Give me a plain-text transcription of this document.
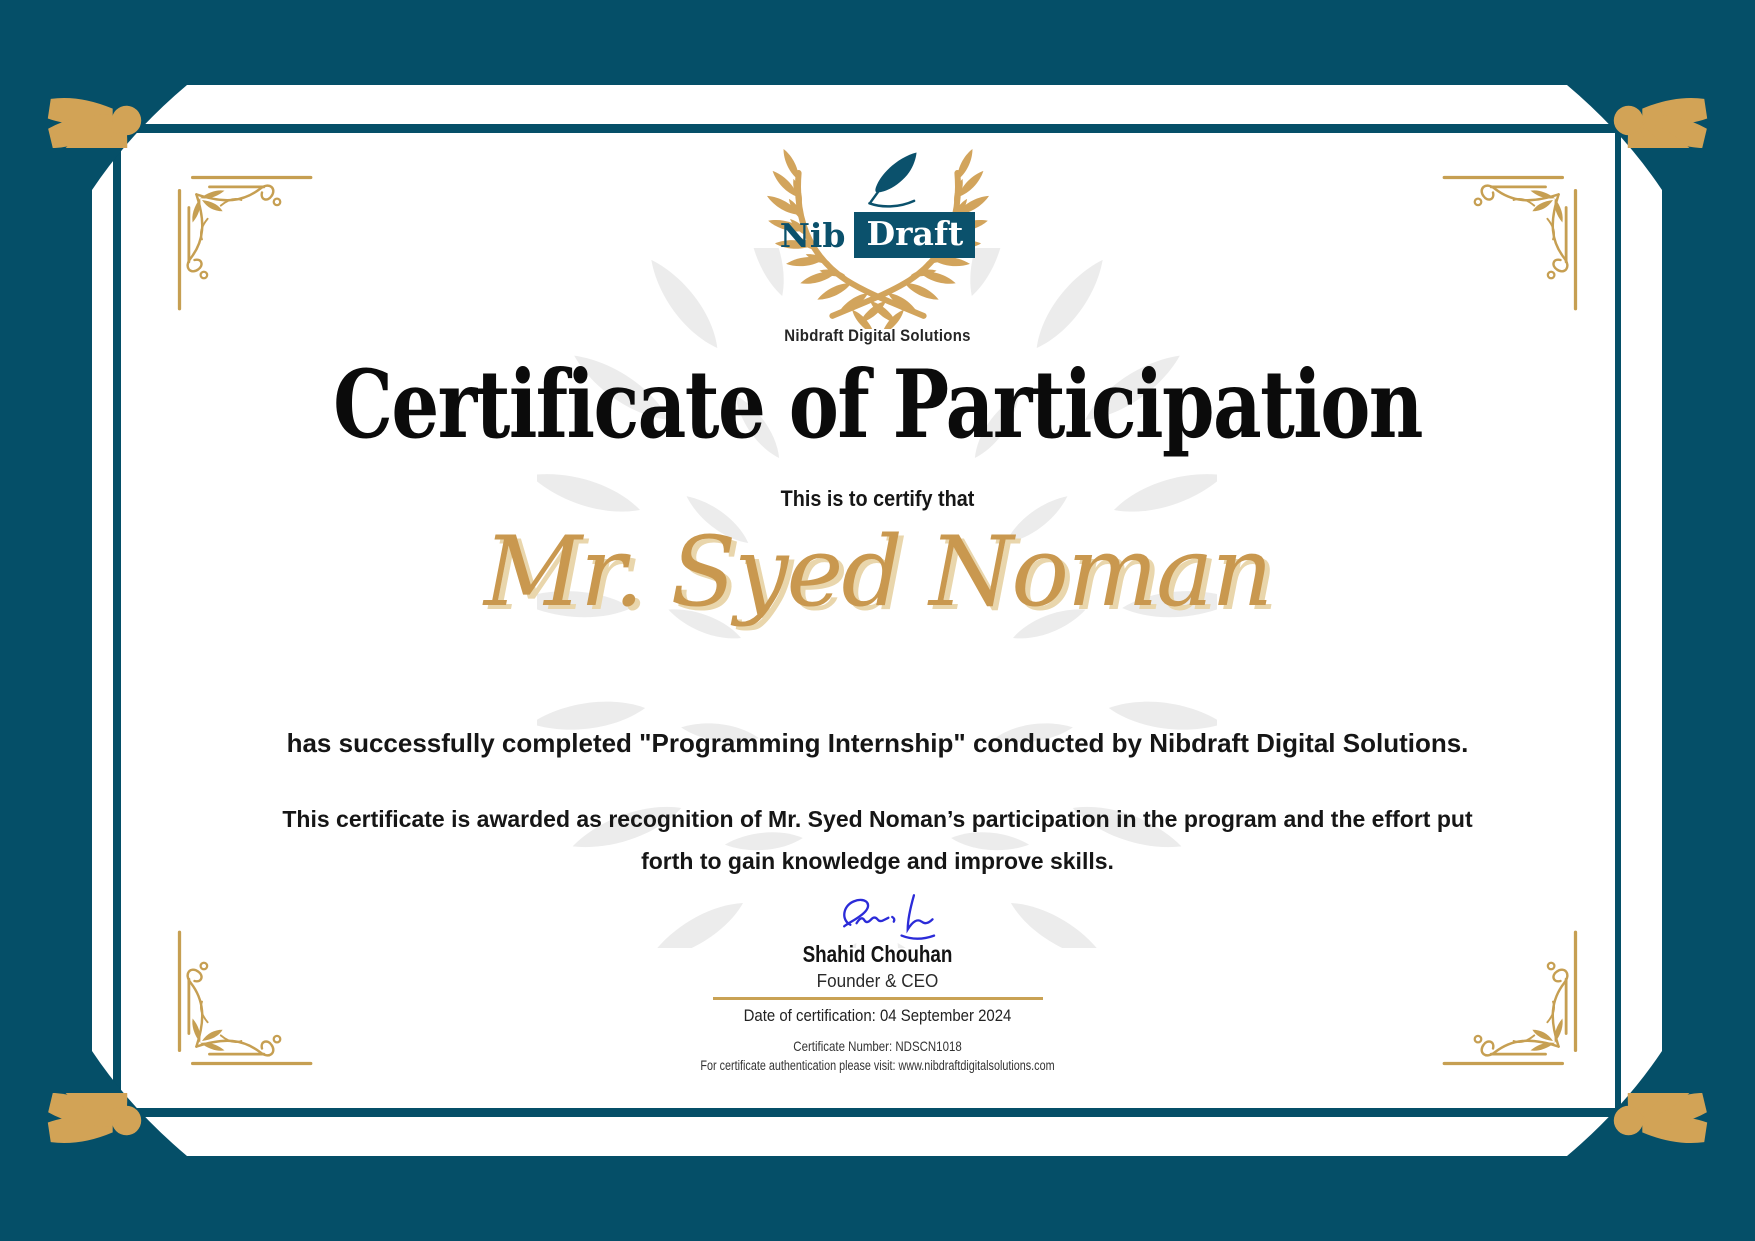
Nib Draft
Nibdraft Digital Solutions
Certificate of Participation
This is to certify that
Mr. Syed Noman
has successfully completed "Programming Internship" conducted by Nibdraft Digital Solutions.
This certificate is awarded as recognition of Mr. Syed Noman’s participation in the program and the effort put
forth to gain knowledge and improve skills.
Shahid Chouhan
Founder & CEO
Date of certification: 04 September 2024
Certificate Number: NDSCN1018
For certificate authentication please visit: www.nibdraftdigitalsolutions.com
